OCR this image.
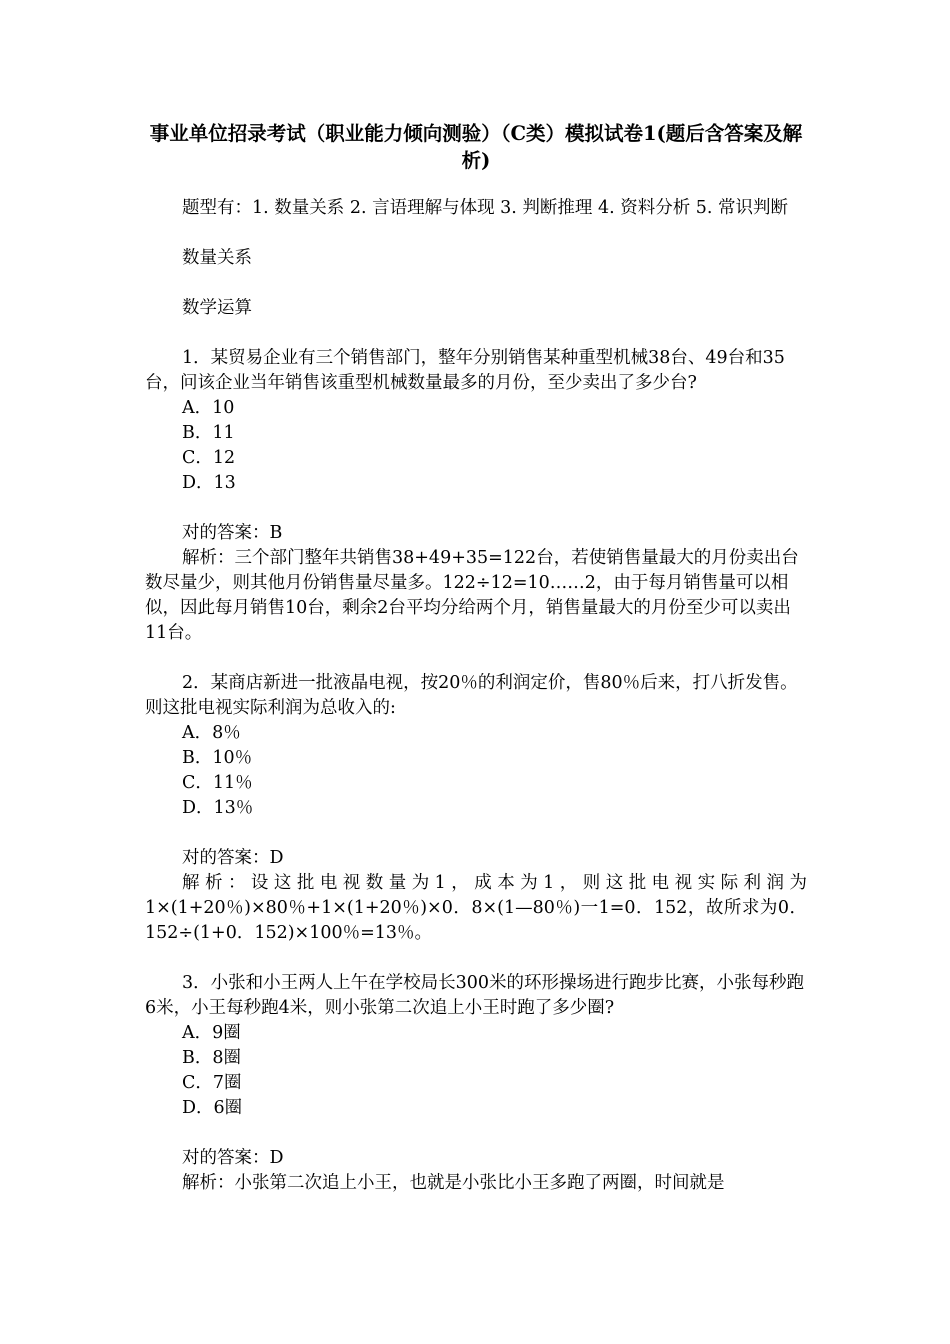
事业单位招录考试（职业能力倾向测验）（C类）模拟试卷1(题后含答案及解析)

题型有：1. 数量关系 2. 言语理解与体现 3. 判断推理 4. 资料分析 5. 常识判断

数量关系

数学运算

1．某贸易企业有三个销售部门，整年分别销售某种重型机械38台、49台和35台，问该企业当年销售该重型机械数量最多的月份，至少卖出了多少台?

A．10

B．11

C．12

D．13

对的答案：B

解析：三个部门整年共销售38+49+35=122台，若使销售量最大的月份卖出台数尽量少，则其他月份销售量尽量多。122÷12=10……2，由于每月销售量可以相似，因此每月销售10台，剩余2台平均分给两个月，销售量最大的月份至少可以卖出11台。

2．某商店新进一批液晶电视，按20％的利润定价，售80％后来，打八折发售。则这批电视实际利润为总收入的:

A．8％

B．10％

C．11％

D．13％

对的答案：D

解析：设这批电视数量为1，成本为1，则这批电视实际利润为1×(1+20％)×80％+1×(1+20％)×0．8×(1—80％)一1=0．152，故所求为0．152÷(1+0．152)×100％=13％。

3．小张和小王两人上午在学校局长300米的环形操场进行跑步比赛，小张每秒跑6米，小王每秒跑4米，则小张第二次追上小王时跑了多少圈?

A．9圈

B．8圈

C．7圈

D．6圈

对的答案：D

解析：小张第二次追上小王，也就是小张比小王多跑了两圈，时间就是
